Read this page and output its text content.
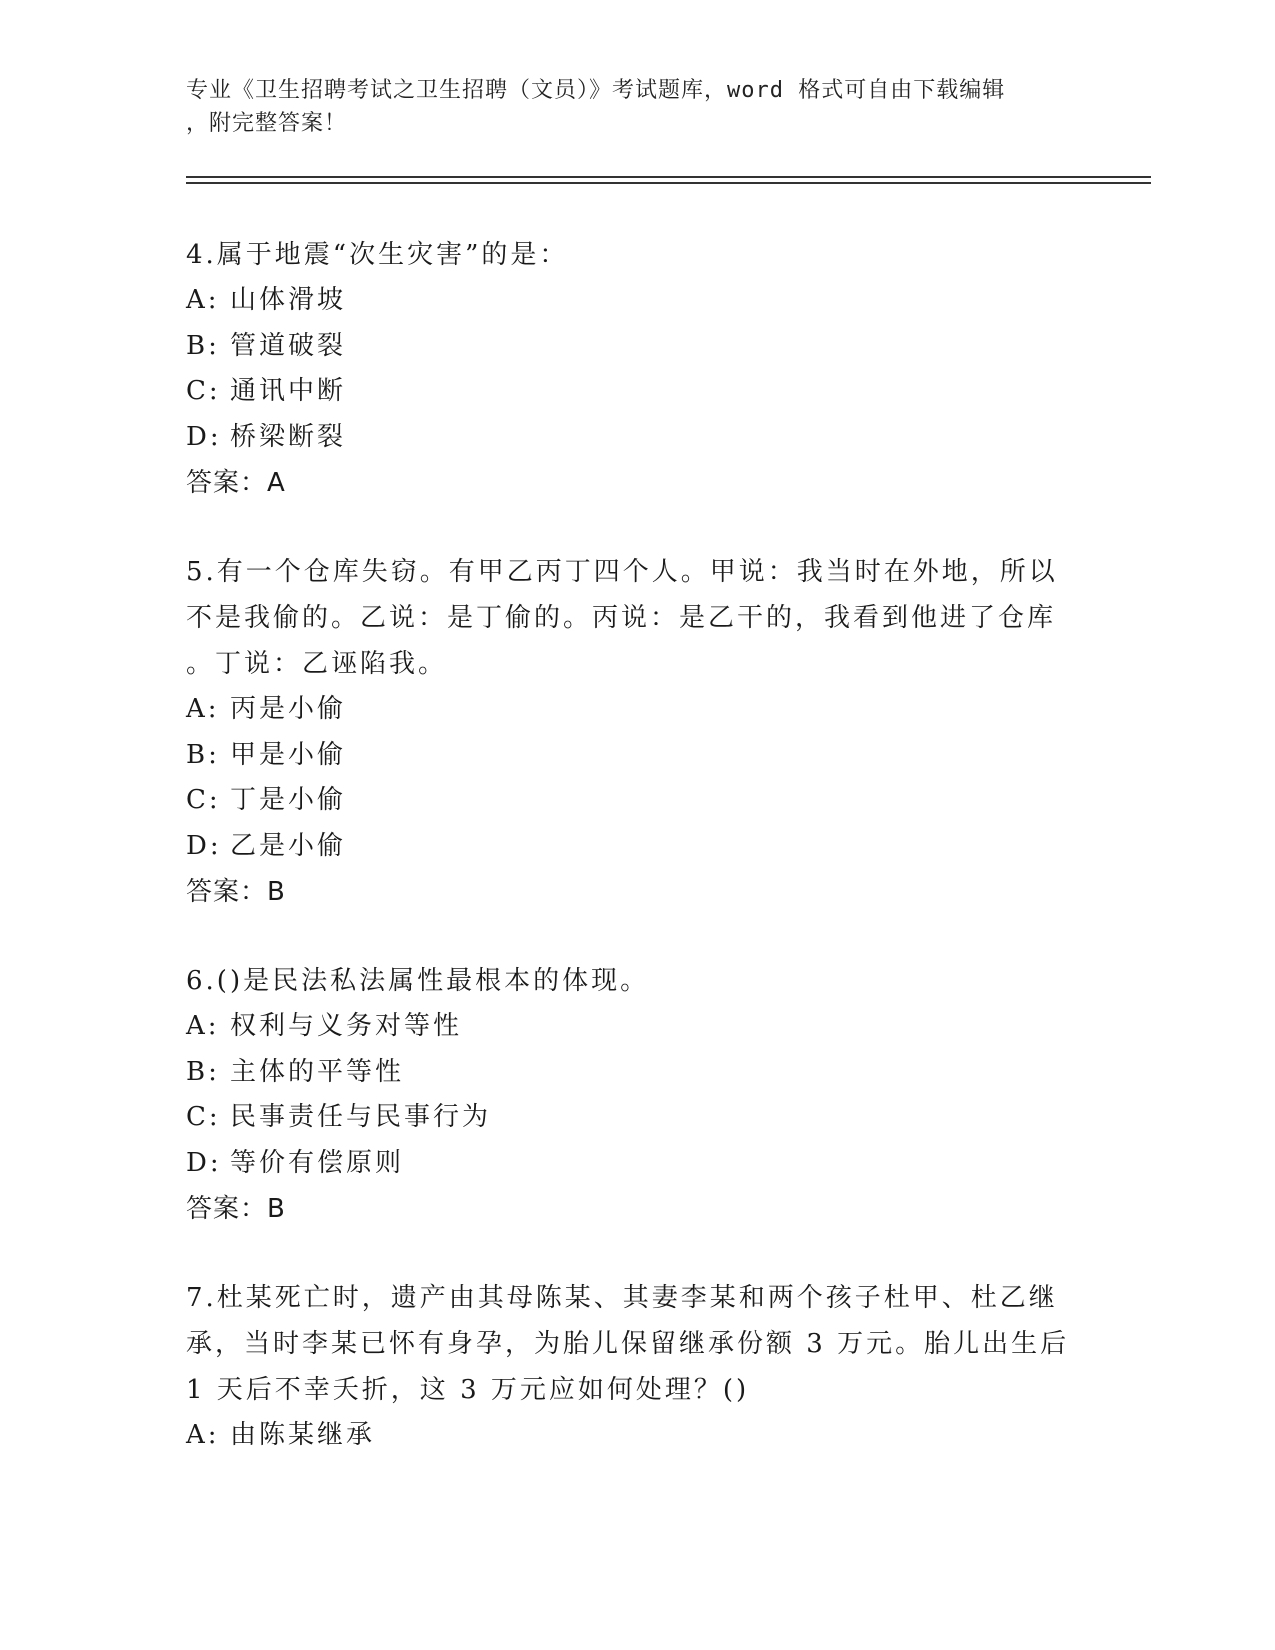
专业《卫生招聘考试之卫生招聘（文员）》考试题库，word 格式可自由下载编辑
，附完整答案！
4.属于地震“次生灾害”的是：
A: 山体滑坡
B: 管道破裂
C: 通讯中断
D: 桥梁断裂
答案：A
5.有一个仓库失窃。有甲乙丙丁四个人。甲说：我当时在外地，所以
不是我偷的。乙说：是丁偷的。丙说：是乙干的，我看到他进了仓库
。丁说：乙诬陷我。
A: 丙是小偷
B: 甲是小偷
C: 丁是小偷
D: 乙是小偷
答案：B
6.()是民法私法属性最根本的体现。
A: 权利与义务对等性
B: 主体的平等性
C: 民事责任与民事行为
D: 等价有偿原则
答案：B
7.杜某死亡时，遗产由其母陈某、其妻李某和两个孩子杜甲、杜乙继
承，当时李某已怀有身孕，为胎儿保留继承份额 3 万元。胎儿出生后
1 天后不幸夭折，这 3 万元应如何处理？()
A: 由陈某继承
